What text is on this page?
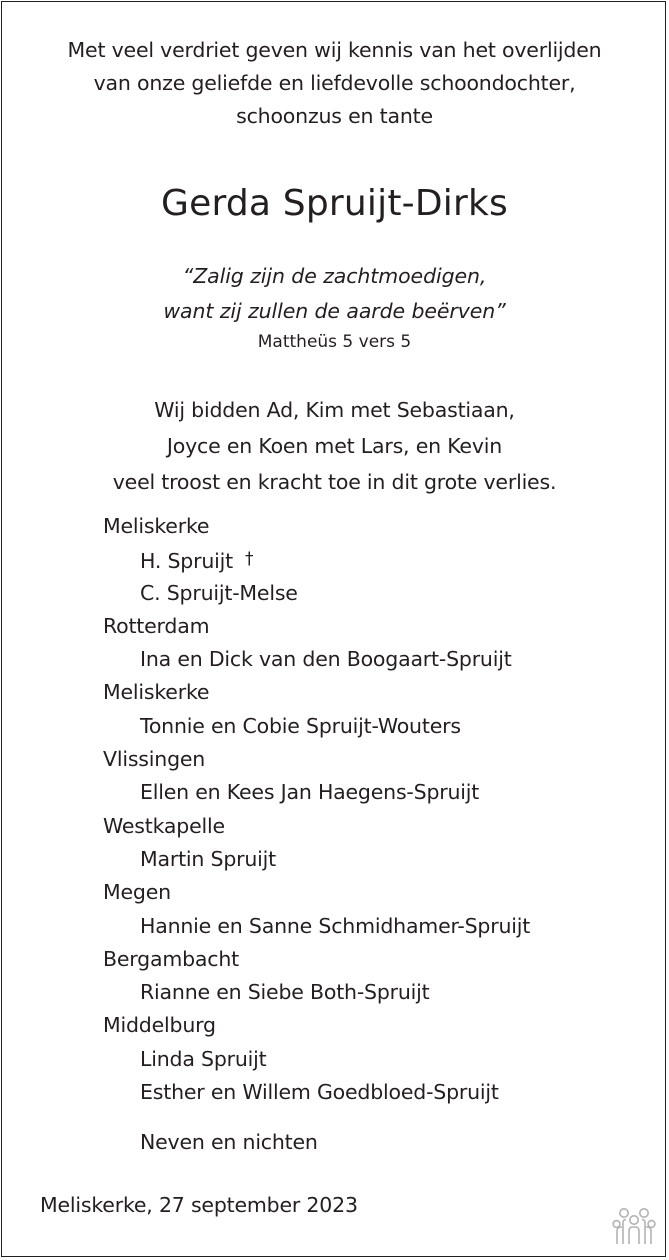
Met veel verdriet geven wij kennis van het overlijden
van onze geliefde en liefdevolle schoondochter,
schoonzus en tante
Gerda Spruijt-Dirks
“Zalig zijn de zachtmoedigen,
want zij zullen de aarde beërven”
Mattheüs 5 vers 5
Wij bidden Ad, Kim met Sebastiaan,
Joyce en Koen met Lars, en Kevin
veel troost en kracht toe in dit grote verlies.
Meliskerke
H. Spruijt †
C. Spruijt-Melse
Rotterdam
Ina en Dick van den Boogaart-Spruijt
Meliskerke
Tonnie en Cobie Spruijt-Wouters
Vlissingen
Ellen en Kees Jan Haegens-Spruijt
Westkapelle
Martin Spruijt
Megen
Hannie en Sanne Schmidhamer-Spruijt
Bergambacht
Rianne en Siebe Both-Spruijt
Middelburg
Linda Spruijt
Esther en Willem Goedbloed-Spruijt
Neven en nichten
Meliskerke, 27 september 2023
